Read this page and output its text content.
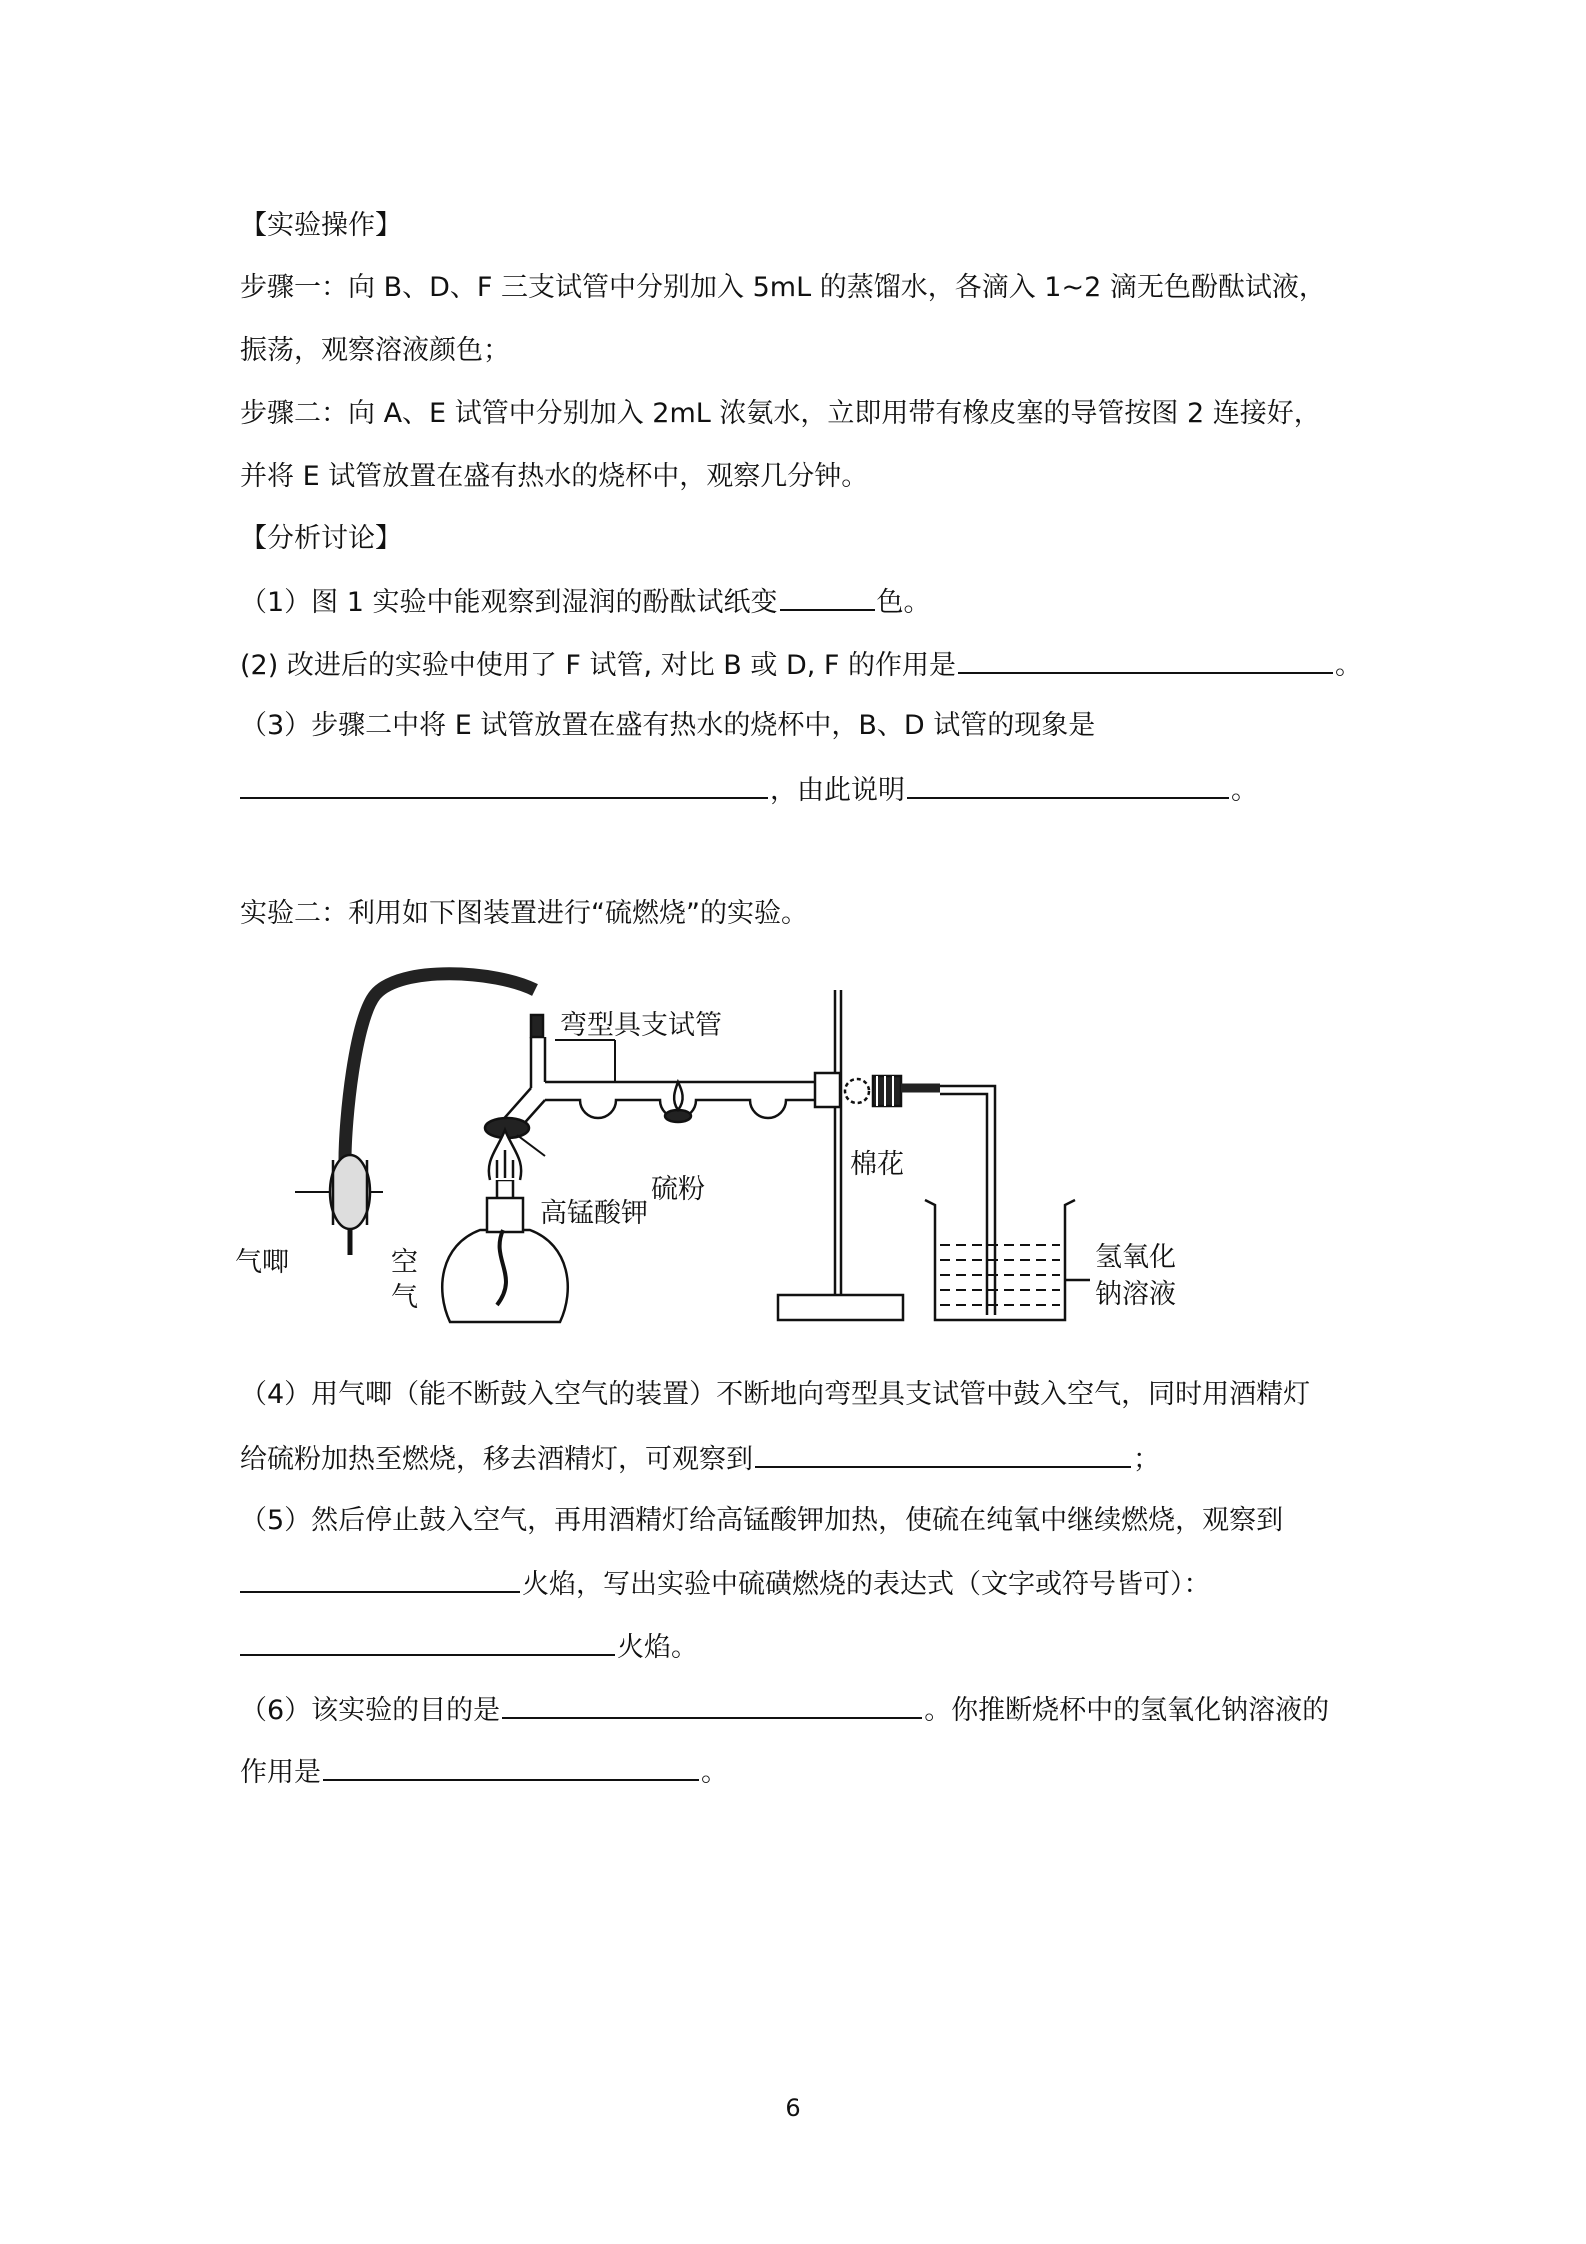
【实验操作】
步骤一：向 B、D、F 三支试管中分别加入 5mL 的蒸馏水，各滴入 1~2 滴无色酚酞试液，
振荡，观察溶液颜色；
步骤二：向 A、E 试管中分别加入 2mL 浓氨水，立即用带有橡皮塞的导管按图 2 连接好，
并将 E 试管放置在盛有热水的烧杯中，观察几分钟。
【分析讨论】
（1）图 1 实验中能观察到湿润的酚酞试纸变	色。
(2) 改进后的实验中使用了 F 试管, 对比 B 或 D, F 的作用是	。
（3）步骤二中将 E 试管放置在盛有热水的烧杯中，B、D 试管的现象是
，由此说明	。
实验二：利用如下图装置进行“硫燃烧”的实验。
弯型具支试管
高锰酸钾
硫粉
棉花
气唧	空
气
氢氧化
钠溶液
（4）用气唧（能不断鼓入空气的装置）不断地向弯型具支试管中鼓入空气，同时用酒精灯
给硫粉加热至燃烧，移去酒精灯，可观察到	；
（5）然后停止鼓入空气，再用酒精灯给高锰酸钾加热，使硫在纯氧中继续燃烧，观察到
火焰，写出实验中硫磺燃烧的表达式（文字或符号皆可）：
火焰。
（6）该实验的目的是	。你推断烧杯中的氢氧化钠溶液的
作用是	。
6
